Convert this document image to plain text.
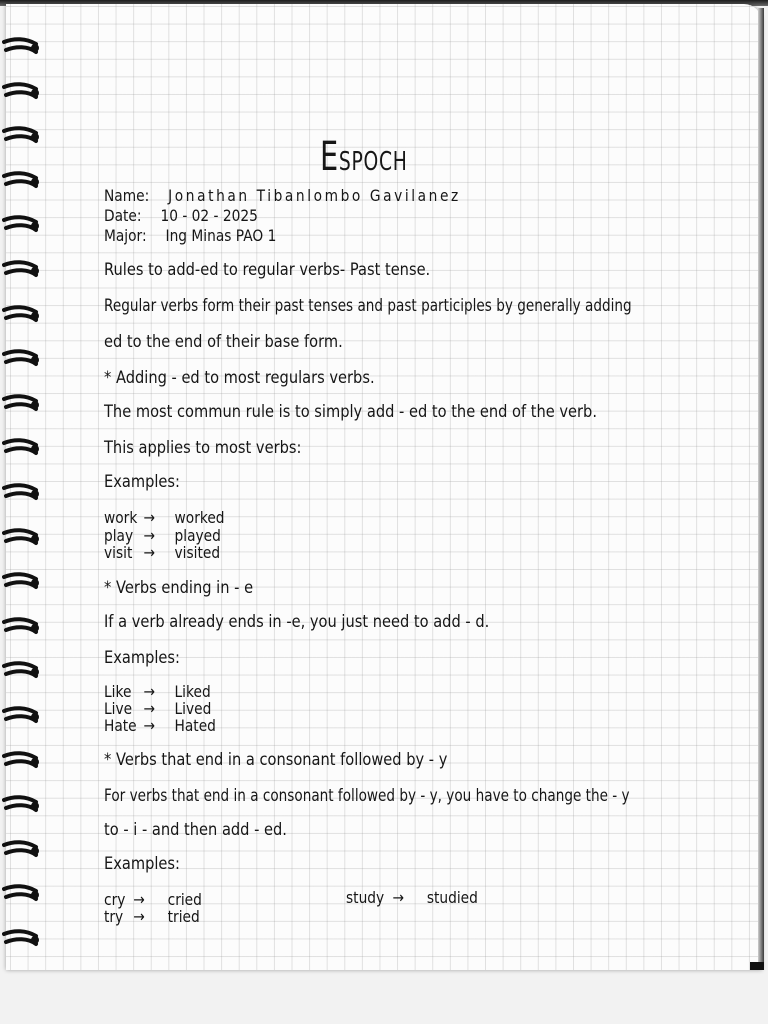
ESPOCH
Name: Jonathan Tibanlombo Gavilanez
Date: 10 - 02 - 2025
Major: Ing Minas PAO 1
Rules to add-ed to regular verbs- Past tense.
Regular verbs form their past tenses and past participles by generally adding
ed to the end of their base form.
* Adding - ed to most regulars verbs.
The most commun rule is to simply add - ed to the end of the verb.
This applies to most verbs:
Examples:
work → worked
play → played
visit → visited
* Verbs ending in - e
If a verb already ends in -e, you just need to add - d.
Examples:
Like → Liked
Live → Lived
Hate → Hated
* Verbs that end in a consonant followed by - y
For verbs that end in a consonant followed by - y, you have to change the - y
to - i - and then add - ed.
Examples:
cry → cried
try → tried
study → studied
